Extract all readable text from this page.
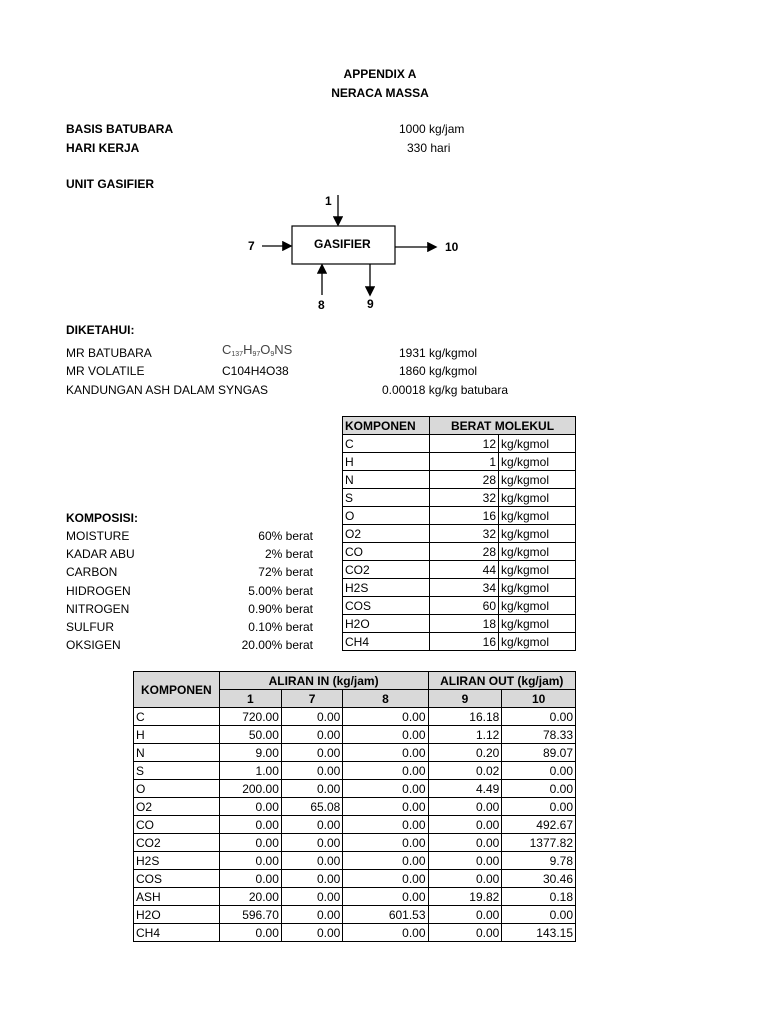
APPENDIX A
NERACA MASSA
BASIS BATUBARA	1000 kg/jam
HARI KERJA	330 hari
UNIT GASIFIER
GASIFIER
1
7	10
8	9
DIKETAHUI:
MR BATUBARA	$C_{137}H_{97}O_9NS$	1931 kg/kgmol
MR VOLATILE	C104H4O38	1860 kg/kgmol
KANDUNGAN ASH DALAM SYNGAS	0.00018 kg/kg batubara
KOMPONEN	BERAT MOLEKUL	
C	12	kg/kgmol
H	1	kg/kgmol
N	28	kg/kgmol
S	32	kg/kgmol
O	16	kg/kgmol
O2	32	kg/kgmol
CO	28	kg/kgmol
CO2	44	kg/kgmol
H2S	34	kg/kgmol
COS	60	kg/kgmol
H2O	18	kg/kgmol
CH4	16	kg/kgmol
KOMPOSISI:
MOISTURE	60% berat
KADAR ABU	2% berat
CARBON	72% berat
HIDROGEN	5.00% berat
NITROGEN	0.90% berat
SULFUR	0.10% berat
OKSIGEN	20.00% berat
KOMPONEN	ALIRAN IN (kg/jam)			ALIRAN OUT (kg/jam)	
	1	7	8	9	10
C	720.00	0.00	0.00	16.18	0.00
H	50.00	0.00	0.00	1.12	78.33
N	9.00	0.00	0.00	0.20	89.07
S	1.00	0.00	0.00	0.02	0.00
O	200.00	0.00	0.00	4.49	0.00
O2	0.00	65.08	0.00	0.00	0.00
CO	0.00	0.00	0.00	0.00	492.67
CO2	0.00	0.00	0.00	0.00	1377.82
H2S	0.00	0.00	0.00	0.00	9.78
COS	0.00	0.00	0.00	0.00	30.46
ASH	20.00	0.00	0.00	19.82	0.18
H2O	596.70	0.00	601.53	0.00	0.00
CH4	0.00	0.00	0.00	0.00	143.15
